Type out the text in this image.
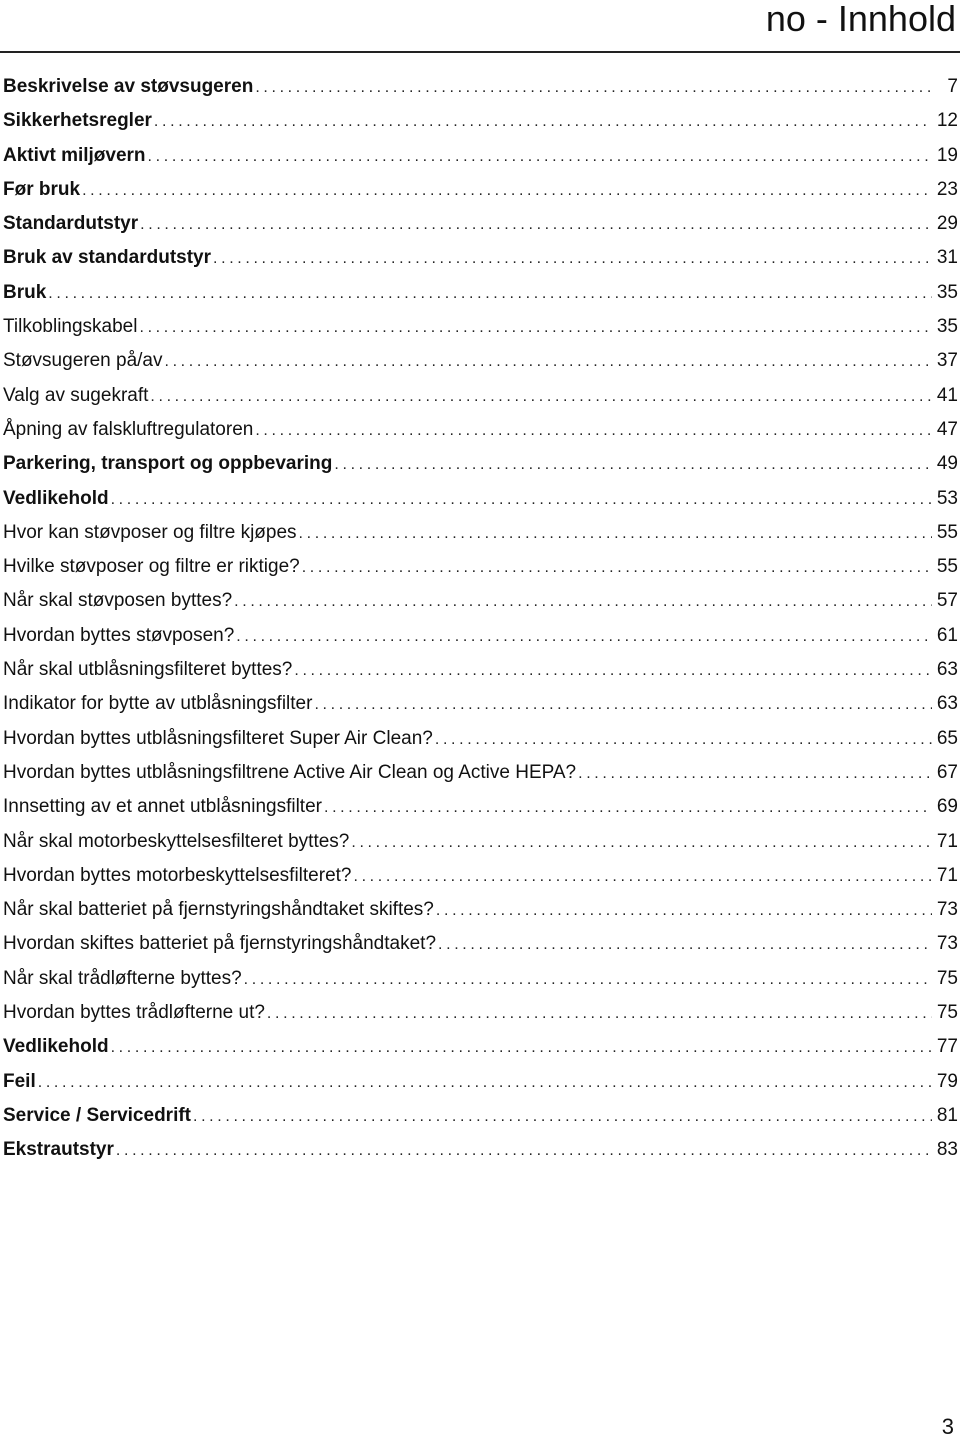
no - Innhold
Beskrivelse av støvsugeren . . .	7
Sikkerhetsregler . . .	12
Aktivt miljøvern . . .	19
Før bruk . . .	23
Standardutstyr . . .	29
Bruk av standardutstyr . . .	31
Bruk . . .	35
Tilkoblingskabel . . .	35
Støvsugeren på/av . . .	37
Valg av sugekraft . . .	41
Åpning av falskluftregulatoren . . .	47
Parkering, transport og oppbevaring . . .	49
Vedlikehold . . .	53
Hvor kan støvposer og filtre kjøpes . . .	55
Hvilke støvposer og filtre er riktige? . . .	55
Når skal støvposen byttes? . . .	57
Hvordan byttes støvposen? . . .	61
Når skal utblåsningsfilteret byttes? . . .	63
Indikator for bytte av utblåsningsfilter . . .	63
Hvordan byttes utblåsningsfilteret Super Air Clean? . . .	65
Hvordan byttes utblåsningsfiltrene Active Air Clean og Active HEPA? . . .	67
Innsetting av et annet utblåsningsfilter . . .	69
Når skal motorbeskyttelsesfilteret byttes? . . .	71
Hvordan byttes motorbeskyttelsesfilteret? . . .	71
Når skal batteriet på fjernstyringshåndtaket skiftes? . . .	73
Hvordan skiftes batteriet på fjernstyringshåndtaket? . . .	73
Når skal trådløfterne byttes? . . .	75
Hvordan byttes trådløfterne ut? . . .	75
Vedlikehold . . .	77
Feil . . .	79
Service / Servicedrift . . .	81
Ekstrautstyr . . .	83
3
